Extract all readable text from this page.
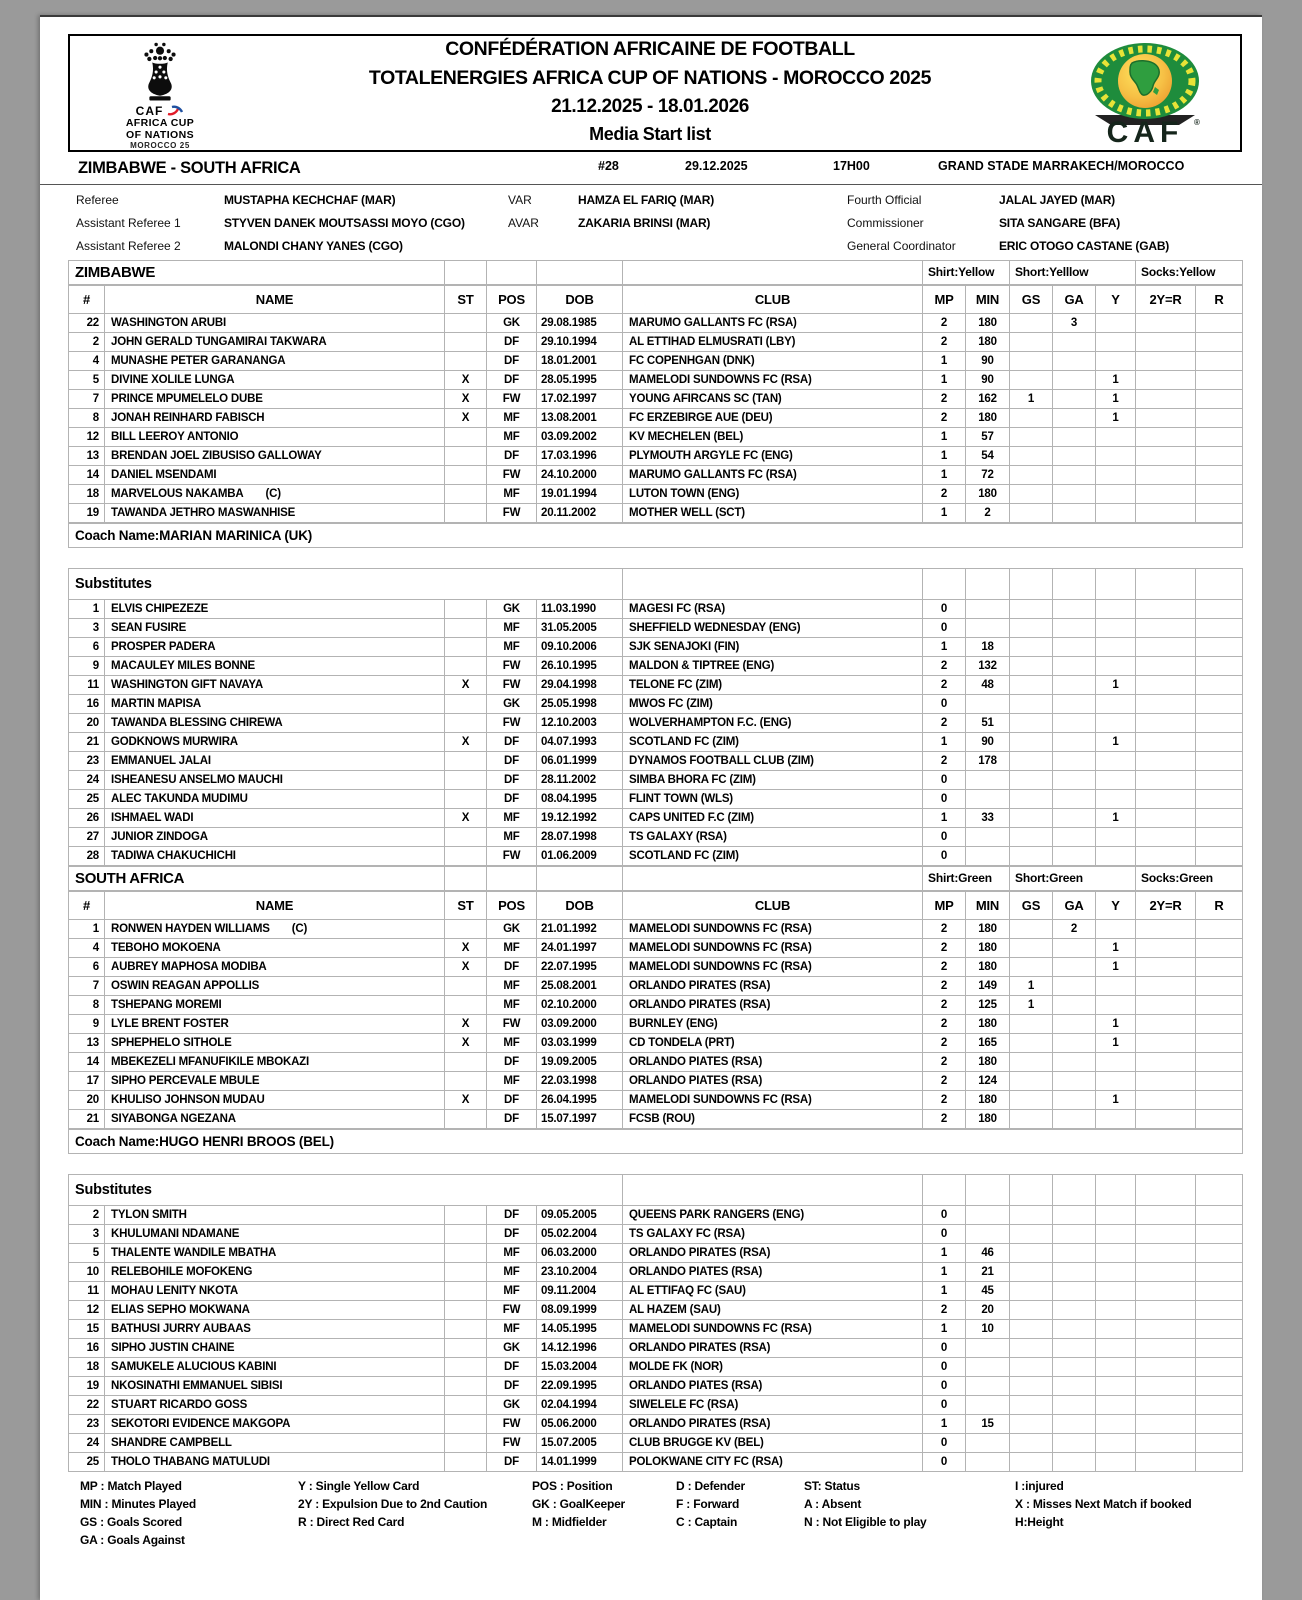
CAF
AFRICA CUP
OF NATIONS
MOROCCO 25
CONFÉDÉRATION AFRICAINE DE FOOTBALL
TOTALENERGIES AFRICA CUP OF NATIONS - MOROCCO 2025
21.12.2025 - 18.01.2026
Media Start list	CAF ®
ZIMBABWE - SOUTH AFRICA	#28	29.12.2025	17H00	GRAND STADE MARRAKECH/MOROCCO
Referee	MUSTAPHA KECHCHAF (MAR)	VAR	HAMZA EL FARIQ (MAR)	Fourth Official	JALAL JAYED (MAR)
Assistant Referee 1	STYVEN DANEK MOUTSASSI MOYO (CGO)	AVAR	ZAKARIA BRINSI (MAR)	Commissioner	SITA SANGARE (BFA)
Assistant Referee 2	MALONDI CHANY YANES (CGO)	General Coordinator	ERIC OTOGO CASTANE (GAB)
ZIMBABWE					Shirt:Yellow	Short:Yelllow	Socks:Yellow
#	NAME	ST	POS	DOB	CLUB	MP	MIN	GS	GA	Y	2Y=R	R
22	WASHINGTON ARUBI		GK	29.08.1985	MARUMO GALLANTS FC (RSA)	2	180		3			
2	JOHN GERALD TUNGAMIRAI TAKWARA		DF	29.10.1994	AL ETTIHAD ELMUSRATI (LBY)	2	180					
4	MUNASHE PETER GARANANGA		DF	18.01.2001	FC COPENHGAN (DNK)	1	90					
5	DIVINE XOLILE LUNGA	X	DF	28.05.1995	MAMELODI SUNDOWNS FC (RSA)	1	90			1		
7	PRINCE MPUMELELO DUBE	X	FW	17.02.1997	YOUNG AFIRCANS SC (TAN)	2	162	1		1		
8	JONAH REINHARD FABISCH	X	MF	13.08.2001	FC ERZEBIRGE AUE (DEU)	2	180			1		
12	BILL LEEROY ANTONIO		MF	03.09.2002	KV MECHELEN (BEL)	1	57					
13	BRENDAN JOEL ZIBUSISO GALLOWAY		DF	17.03.1996	PLYMOUTH ARGYLE FC (ENG)	1	54					
14	DANIEL MSENDAMI		FW	24.10.2000	MARUMO GALLANTS FC (RSA)	1	72					
18	MARVELOUS NAKAMBA (C)		MF	19.01.1994	LUTON TOWN (ENG)	2	180					
19	TAWANDA JETHRO MASWANHISE		FW	20.11.2002	MOTHER WELL (SCT)	1	2					
Coach Name:MARIAN MARINICA (UK)
Substitutes												
1	ELVIS CHIPEZEZE		GK	11.03.1990	MAGESI FC (RSA)	0						
3	SEAN FUSIRE		MF	31.05.2005	SHEFFIELD WEDNESDAY (ENG)	0						
6	PROSPER PADERA		MF	09.10.2006	SJK SENAJOKI (FIN)	1	18					
9	MACAULEY MILES BONNE		FW	26.10.1995	MALDON & TIPTREE (ENG)	2	132					
11	WASHINGTON GIFT NAVAYA	X	FW	29.04.1998	TELONE FC (ZIM)	2	48			1		
16	MARTIN MAPISA		GK	25.05.1998	MWOS FC (ZIM)	0						
20	TAWANDA BLESSING CHIREWA		FW	12.10.2003	WOLVERHAMPTON F.C. (ENG)	2	51					
21	GODKNOWS MURWIRA	X	DF	04.07.1993	SCOTLAND FC (ZIM)	1	90			1		
23	EMMANUEL JALAI		DF	06.01.1999	DYNAMOS FOOTBALL CLUB (ZIM)	2	178					
24	ISHEANESU ANSELMO MAUCHI		DF	28.11.2002	SIMBA BHORA FC (ZIM)	0						
25	ALEC TAKUNDA MUDIMU		DF	08.04.1995	FLINT TOWN (WLS)	0						
26	ISHMAEL WADI	X	MF	19.12.1992	CAPS UNITED F.C (ZIM)	1	33			1		
27	JUNIOR ZINDOGA		MF	28.07.1998	TS GALAXY (RSA)	0						
28	TADIWA CHAKUCHICHI		FW	01.06.2009	SCOTLAND FC (ZIM)	0						
SOUTH AFRICA					Shirt:Green	Short:Green	Socks:Green
#	NAME	ST	POS	DOB	CLUB	MP	MIN	GS	GA	Y	2Y=R	R
1	RONWEN HAYDEN WILLIAMS (C)		GK	21.01.1992	MAMELODI SUNDOWNS FC (RSA)	2	180		2			
4	TEBOHO MOKOENA	X	MF	24.01.1997	MAMELODI SUNDOWNS FC (RSA)	2	180			1		
6	AUBREY MAPHOSA MODIBA	X	DF	22.07.1995	MAMELODI SUNDOWNS FC (RSA)	2	180			1		
7	OSWIN REAGAN APPOLLIS		MF	25.08.2001	ORLANDO PIRATES (RSA)	2	149	1				
8	TSHEPANG MOREMI		MF	02.10.2000	ORLANDO PIRATES (RSA)	2	125	1				
9	LYLE BRENT FOSTER	X	FW	03.09.2000	BURNLEY (ENG)	2	180			1		
13	SPHEPHELO SITHOLE	X	MF	03.03.1999	CD TONDELA (PRT)	2	165			1		
14	MBEKEZELI MFANUFIKILE MBOKAZI		DF	19.09.2005	ORLANDO PIATES (RSA)	2	180					
17	SIPHO PERCEVALE MBULE		MF	22.03.1998	ORLANDO PIATES (RSA)	2	124					
20	KHULISO JOHNSON MUDAU	X	DF	26.04.1995	MAMELODI SUNDOWNS FC (RSA)	2	180			1		
21	SIYABONGA NGEZANA		DF	15.07.1997	FCSB (ROU)	2	180					
Coach Name:HUGO HENRI BROOS (BEL)
Substitutes												
2	TYLON SMITH		DF	09.05.2005	QUEENS PARK RANGERS (ENG)	0						
3	KHULUMANI NDAMANE		DF	05.02.2004	TS GALAXY FC (RSA)	0						
5	THALENTE WANDILE MBATHA		MF	06.03.2000	ORLANDO PIRATES (RSA)	1	46					
10	RELEBOHILE MOFOKENG		MF	23.10.2004	ORLANDO PIATES (RSA)	1	21					
11	MOHAU LENITY NKOTA		MF	09.11.2004	AL ETTIFAQ FC (SAU)	1	45					
12	ELIAS SEPHO MOKWANA		FW	08.09.1999	AL HAZEM (SAU)	2	20					
15	BATHUSI JURRY AUBAAS		MF	14.05.1995	MAMELODI SUNDOWNS FC (RSA)	1	10					
16	SIPHO JUSTIN CHAINE		GK	14.12.1996	ORLANDO PIRATES (RSA)	0						
18	SAMUKELE ALUCIOUS KABINI		DF	15.03.2004	MOLDE FK (NOR)	0						
19	NKOSINATHI EMMANUEL SIBISI		DF	22.09.1995	ORLANDO PIATES (RSA)	0						
22	STUART RICARDO GOSS		GK	02.04.1994	SIWELELE FC (RSA)	0						
23	SEKOTORI EVIDENCE MAKGOPA		FW	05.06.2000	ORLANDO PIRATES (RSA)	1	15					
24	SHANDRE CAMPBELL		FW	15.07.2005	CLUB BRUGGE KV (BEL)	0						
25	THOLO THABANG MATULUDI		DF	14.01.1999	POLOKWANE CITY FC (RSA)	0						
MP : Match Played
MIN : Minutes Played
GS : Goals Scored
GA : Goals Against
Y : Single Yellow Card
2Y : Expulsion Due to 2nd Caution
R : Direct Red Card
POS : Position
GK : GoalKeeper
M : Midfielder
D : Defender
F : Forward
C : Captain
ST: Status
A : Absent
N : Not Eligible to play
I :injured
X : Misses Next Match if booked
H:Height
